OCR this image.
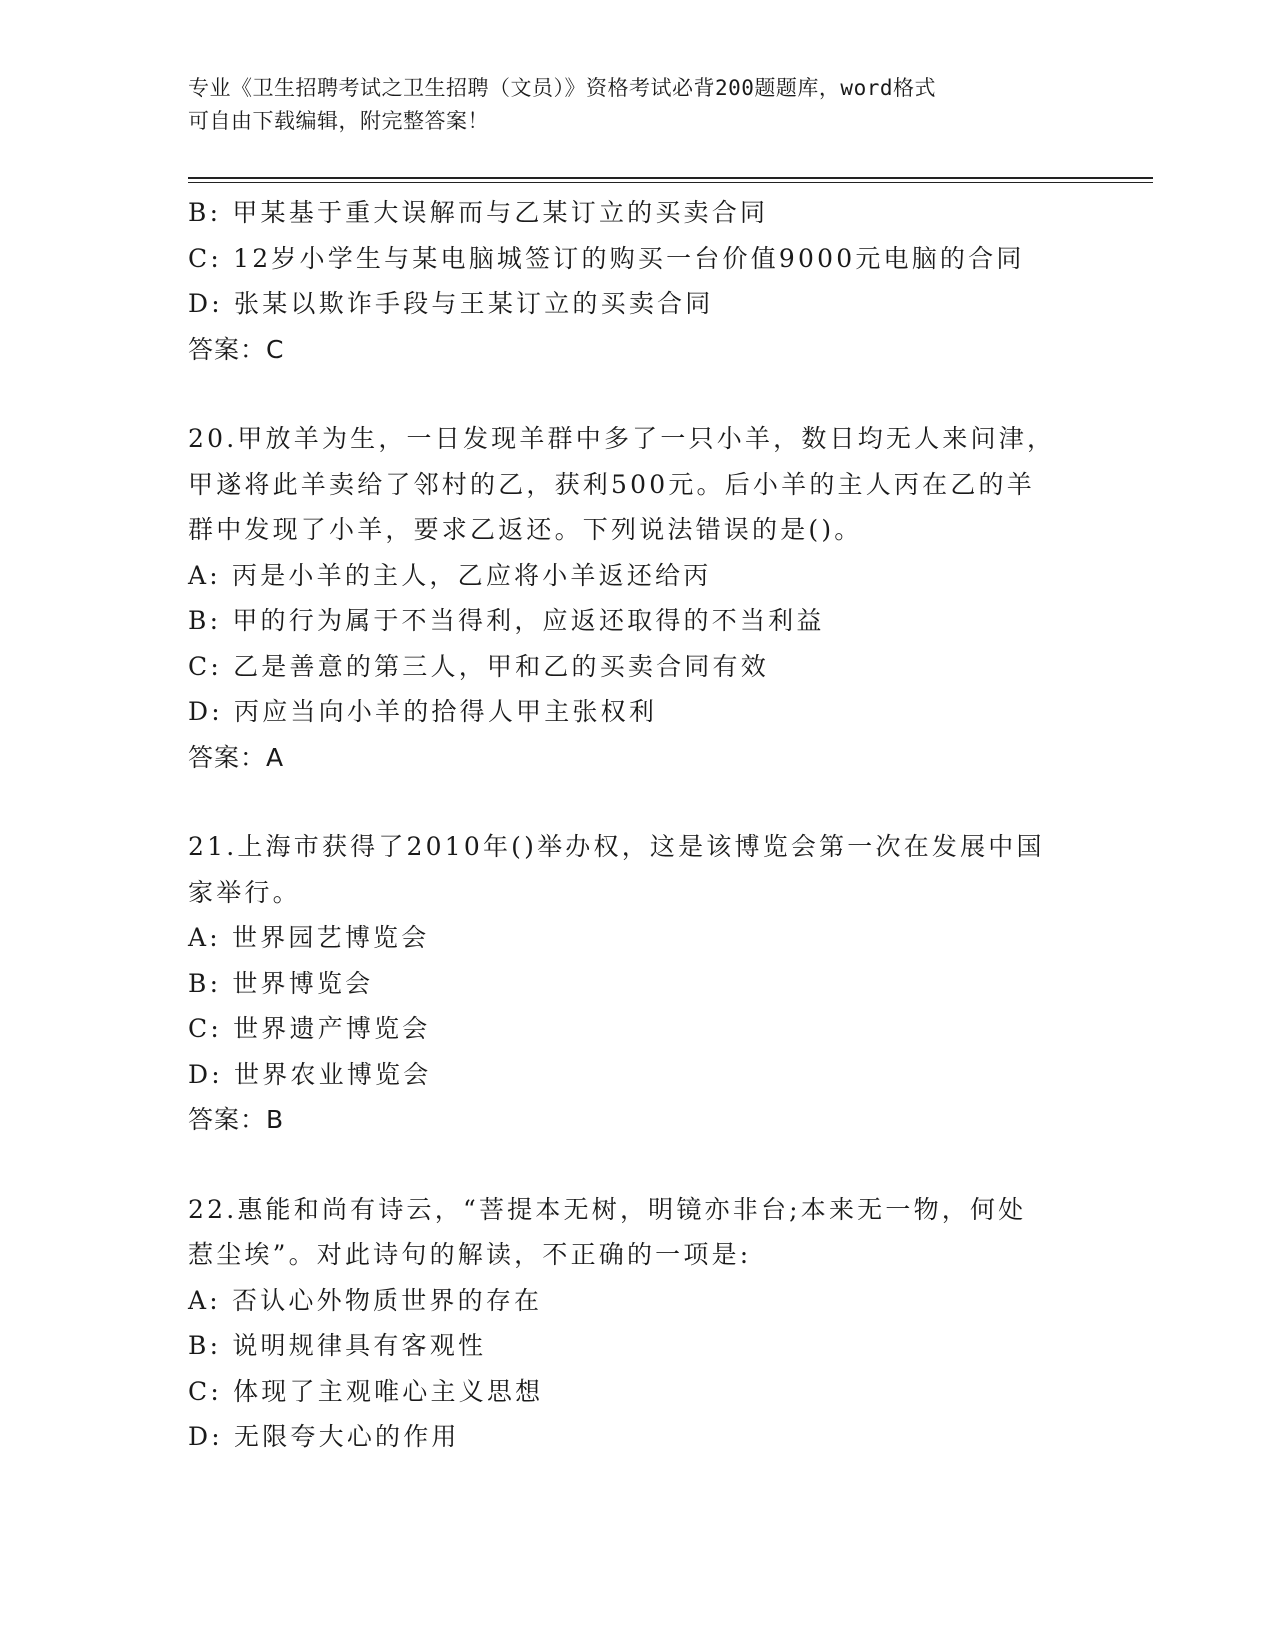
专业《卫生招聘考试之卫生招聘（文员）》资格考试必背200题题库，word格式
可自由下载编辑，附完整答案！
B: 甲某基于重大误解而与乙某订立的买卖合同
C: 12岁小学生与某电脑城签订的购买一台价值9000元电脑的合同
D: 张某以欺诈手段与王某订立的买卖合同
答案：C
20.甲放羊为生，一日发现羊群中多了一只小羊，数日均无人来问津，
甲遂将此羊卖给了邻村的乙，获利500元。后小羊的主人丙在乙的羊
群中发现了小羊，要求乙返还。下列说法错误的是()。
A: 丙是小羊的主人，乙应将小羊返还给丙
B: 甲的行为属于不当得利，应返还取得的不当利益
C: 乙是善意的第三人，甲和乙的买卖合同有效
D: 丙应当向小羊的拾得人甲主张权利
答案：A
21.上海市获得了2010年()举办权，这是该博览会第一次在发展中国
家举行。
A: 世界园艺博览会
B: 世界博览会
C: 世界遗产博览会
D: 世界农业博览会
答案：B
22.惠能和尚有诗云，“菩提本无树，明镜亦非台;本来无一物，何处
惹尘埃”。对此诗句的解读，不正确的一项是:
A: 否认心外物质世界的存在
B: 说明规律具有客观性
C: 体现了主观唯心主义思想
D: 无限夸大心的作用
